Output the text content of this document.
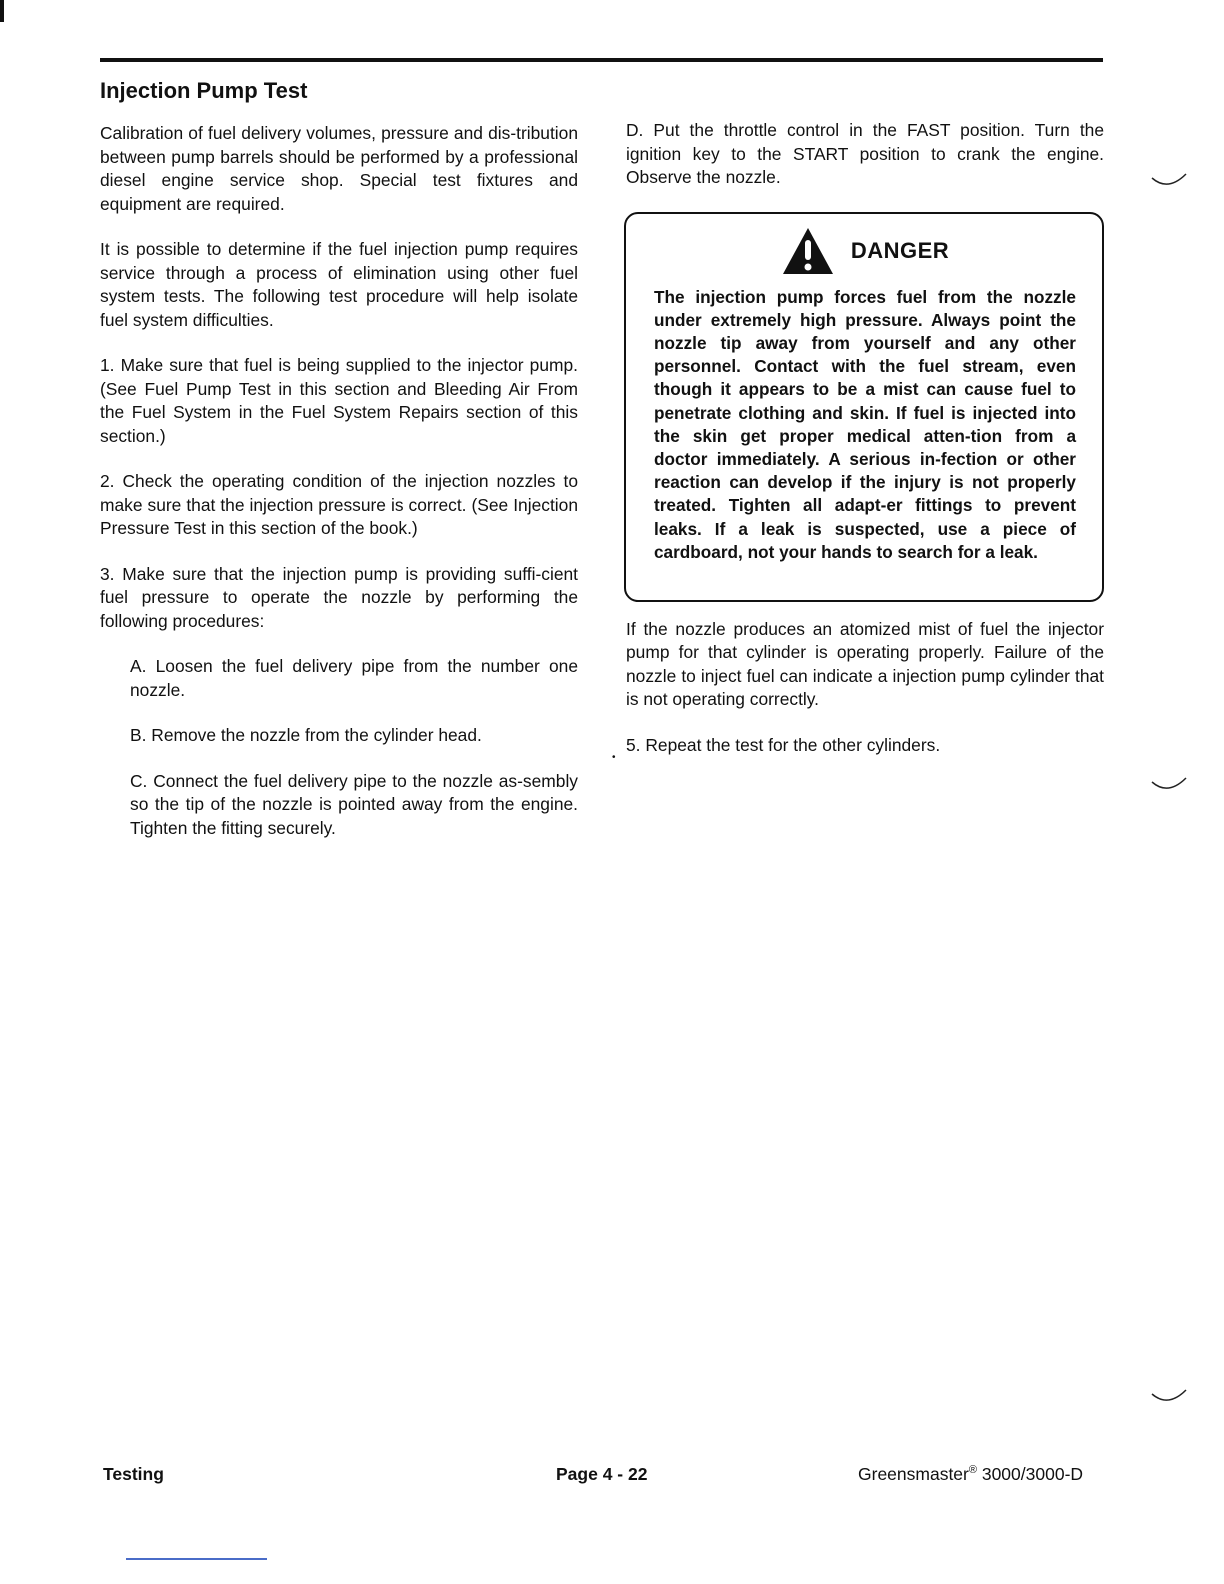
Injection Pump Test

Calibration of fuel delivery volumes, pressure and dis-tribution between pump barrels should be performed by a professional diesel engine service shop. Special test fixtures and equipment are required.

It is possible to determine if the fuel injection pump requires service through a process of elimination using other fuel system tests. The following test procedure will help isolate fuel system difficulties.

1. Make sure that fuel is being supplied to the injector pump. (See Fuel Pump Test in this section and Bleeding Air From the Fuel System in the Fuel System Repairs section of this section.)

2. Check the operating condition of the injection nozzles to make sure that the injection pressure is correct. (See Injection Pressure Test in this section of the book.)

3. Make sure that the injection pump is providing suffi-cient fuel pressure to operate the nozzle by performing the following procedures:

A. Loosen the fuel delivery pipe from the number one nozzle.

B. Remove the nozzle from the cylinder head.

C. Connect the fuel delivery pipe to the nozzle as-sembly so the tip of the nozzle is pointed away from the engine. Tighten the fitting securely.

D. Put the throttle control in the FAST position. Turn the ignition key to the START position to crank the engine. Observe the nozzle.

DANGER

The injection pump forces fuel from the nozzle under extremely high pressure. Always point the nozzle tip away from yourself and any other personnel. Contact with the fuel stream, even though it appears to be a mist can cause fuel to penetrate clothing and skin. If fuel is injected into the skin get proper medical atten-tion from a doctor immediately. A serious in-fection or other reaction can develop if the injury is not properly treated. Tighten all adapt-er fittings to prevent leaks. If a leak is suspected, use a piece of cardboard, not your hands to search for a leak.

If the nozzle produces an atomized mist of fuel the injector pump for that cylinder is operating properly. Failure of the nozzle to inject fuel can indicate a injection pump cylinder that is not operating correctly.

5. Repeat the test for the other cylinders.

•
Testing	Page 4 - 22	Greensmaster® 3000/3000-D
